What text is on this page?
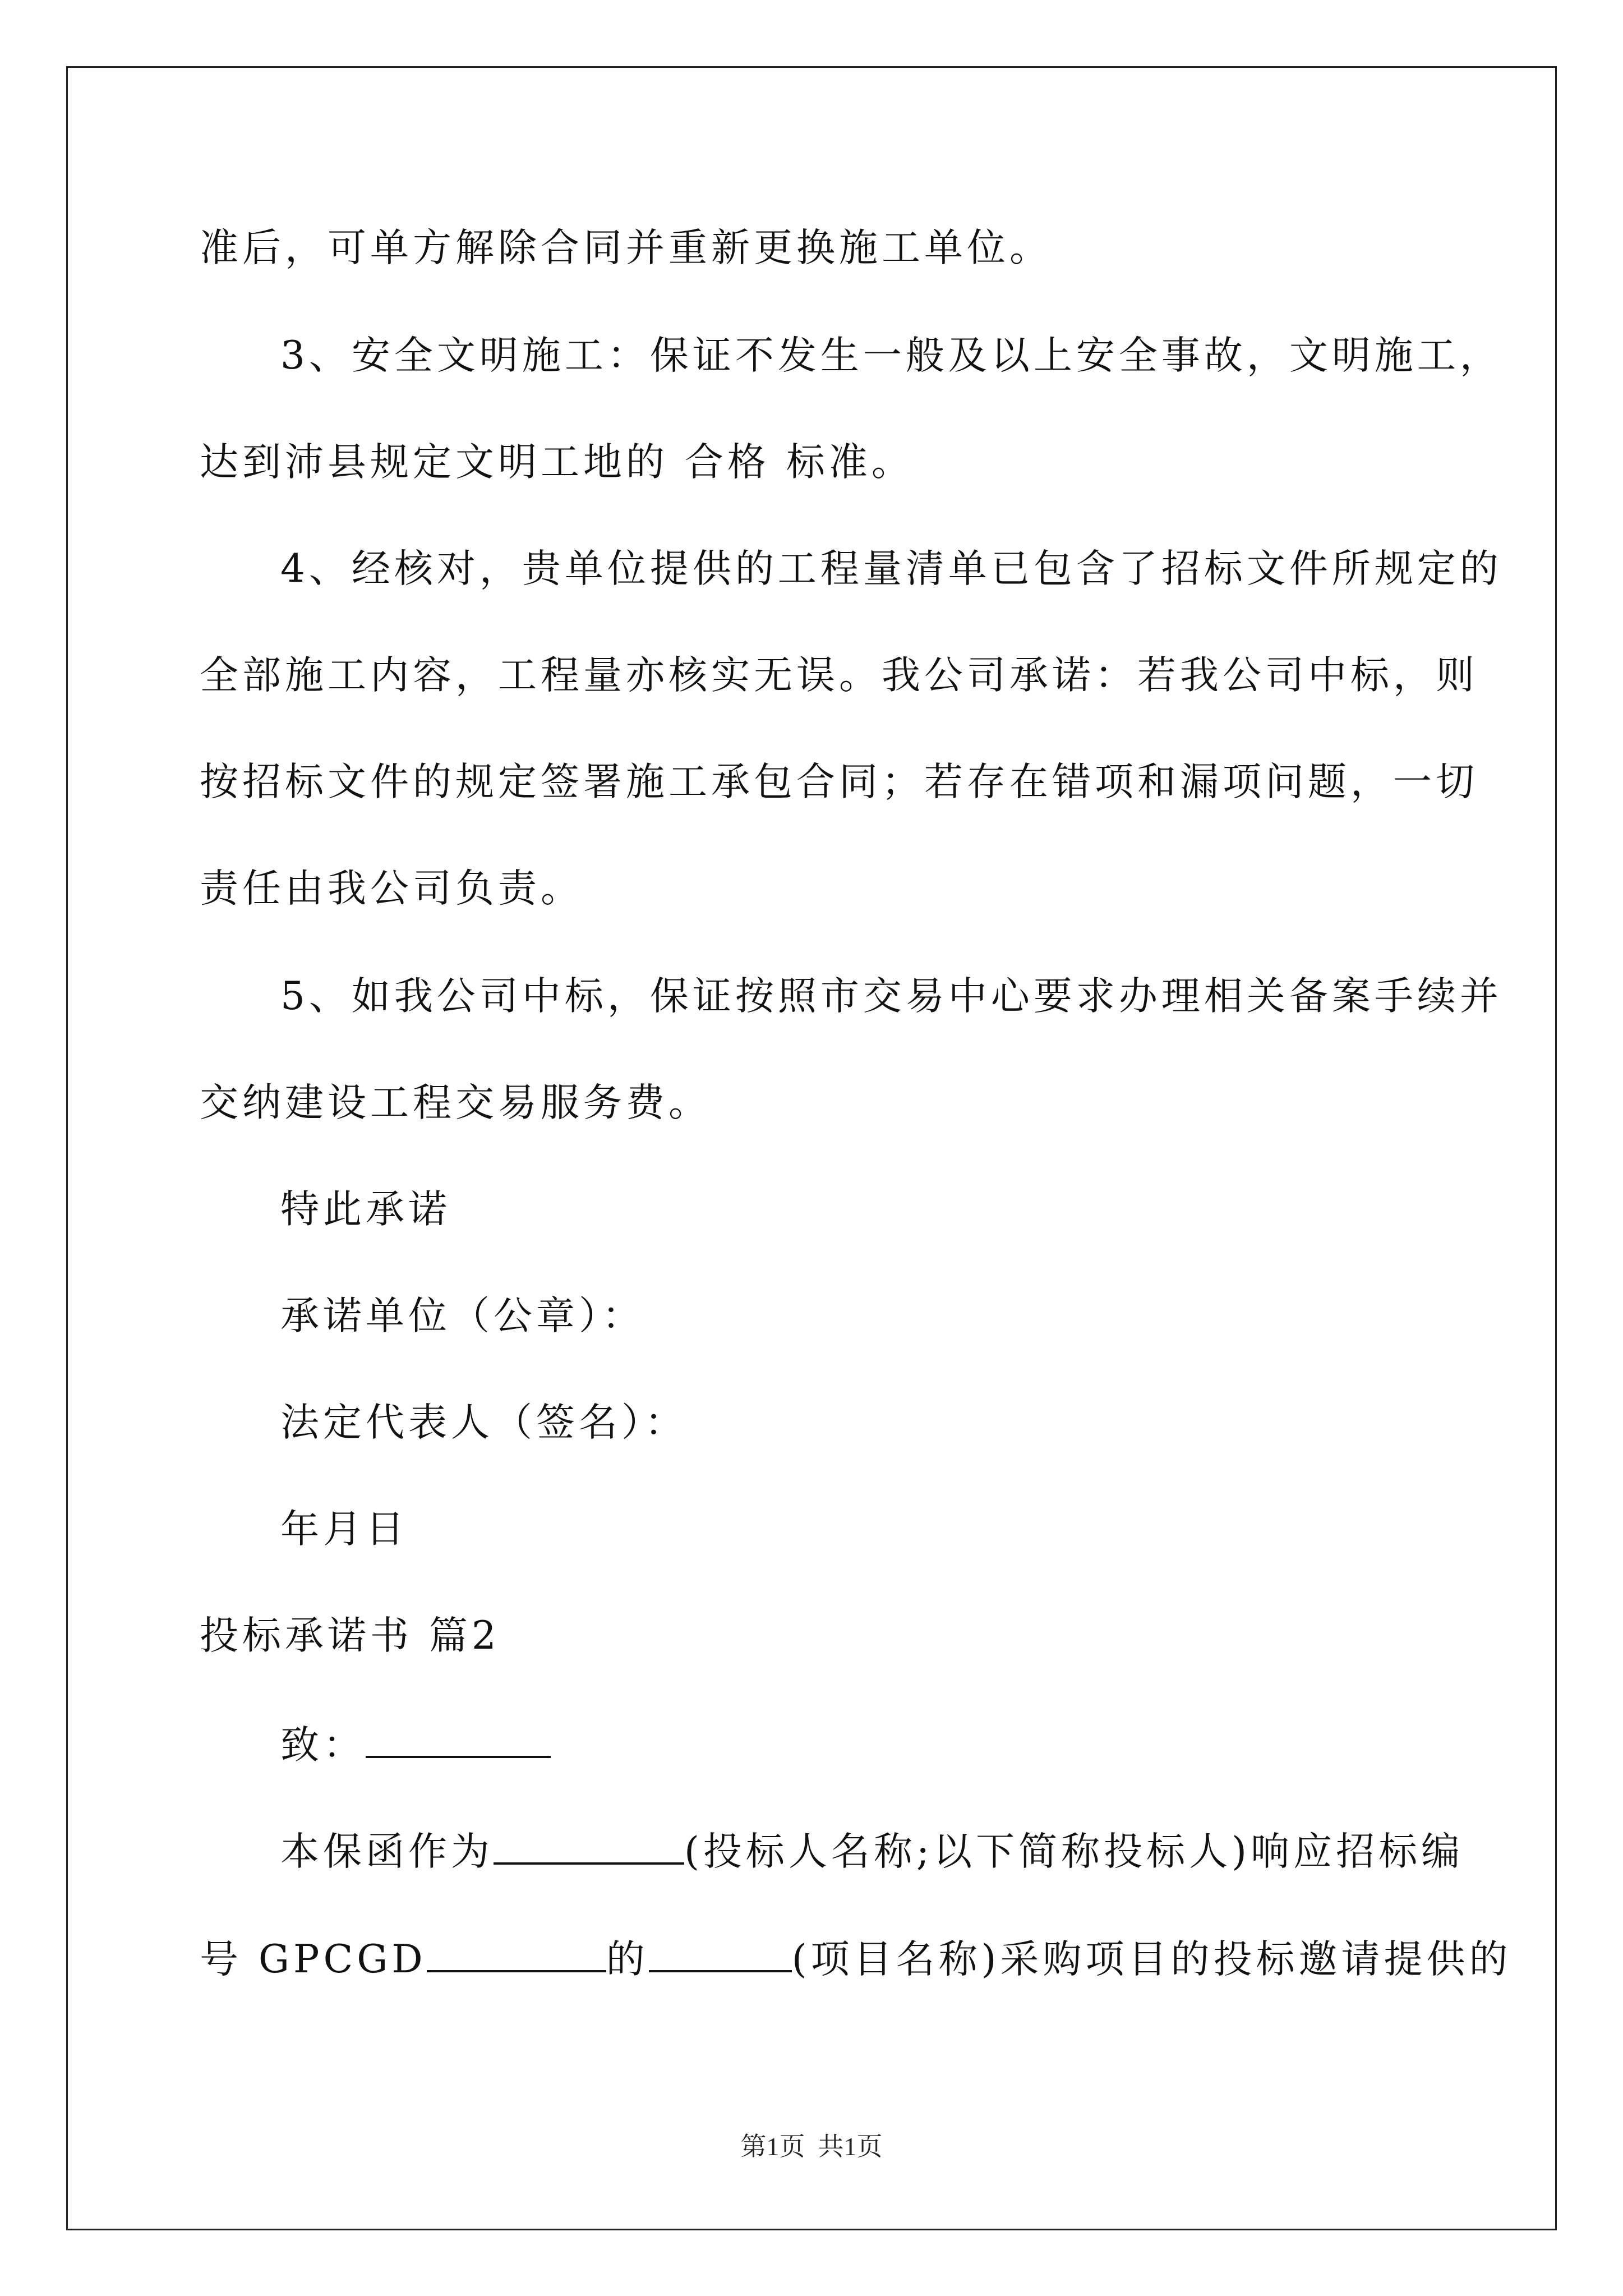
准后，可单方解除合同并重新更换施工单位。
3、安全文明施工：保证不发生一般及以上安全事故，文明施工，
达到沛县规定文明工地的 合格 标准。
4、经核对，贵单位提供的工程量清单已包含了招标文件所规定的
全部施工内容，工程量亦核实无误。我公司承诺：若我公司中标，则
按招标文件的规定签署施工承包合同；若存在错项和漏项问题，一切
责任由我公司负责。
5、如我公司中标，保证按照市交易中心要求办理相关备案手续并
交纳建设工程交易服务费。
特此承诺
承诺单位（公章）：
法定代表人（签名）：
年月日
投标承诺书 篇2
致：
本保函作为	(投标人名称;以下简称投标人)响应招标编
号 GPCGD	的	(项目名称)采购项目的投标邀请提供的
第1页  共1页
